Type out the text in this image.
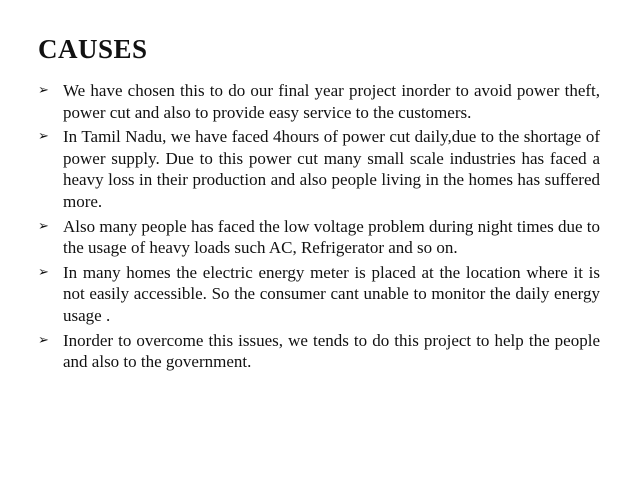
CAUSES
➢ We have chosen this to do our final year project inorder to avoid power theft, power cut and also to provide easy service to the customers.
➢ In Tamil Nadu, we have faced 4hours of power cut daily,due to the shortage of power supply. Due to this power cut many small scale industries has faced a heavy loss in their production and also people living in the homes has suffered more.
➢ Also many people has faced the low voltage problem during night times due to the usage of heavy loads such AC, Refrigerator and so on.
➢ In many homes the electric energy meter is placed at the location where it is not easily accessible. So the consumer cant unable to monitor the daily energy usage .
➢ Inorder to overcome this issues, we tends to do this project to help the people and also to the government.
